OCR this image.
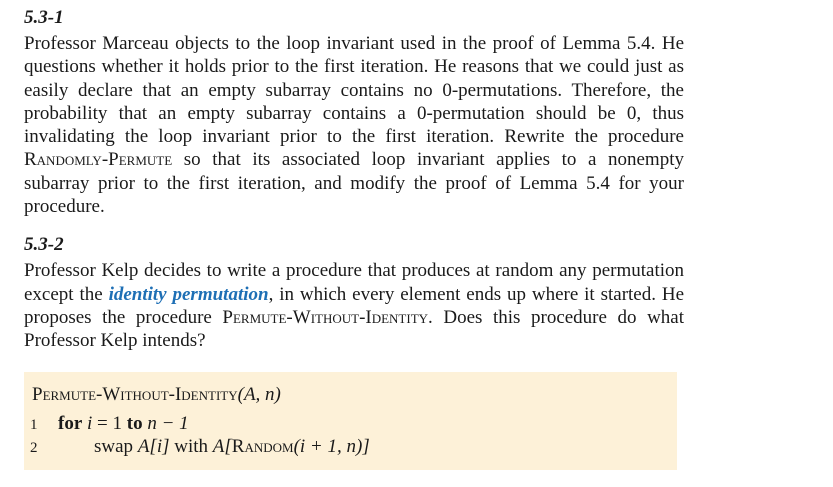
5.3-1

Professor Marceau objects to the loop invariant used in the proof of Lemma 5.4. He questions whether it holds prior to the first iteration. He reasons that we could just as easily declare that an empty subarray contains no 0-permutations. Therefore, the probability that an empty subarray contains a 0-permutation should be 0, thus invalidating the loop invariant prior to the first iteration. Rewrite the procedure Randomly-Permute so that its associated loop invariant applies to a nonempty subarray prior to the first iteration, and modify the proof of Lemma 5.4 for your procedure.

5.3-2

Professor Kelp decides to write a procedure that produces at random any permutation except the identity permutation, in which every element ends up where it started. He proposes the procedure Permute-Without-Identity. Does this procedure do what Professor Kelp intends?

Permute-Without-Identity(A, n)
1 for i = 1 to n − 1
2	swap A[i] with A[Random(i + 1, n)]
